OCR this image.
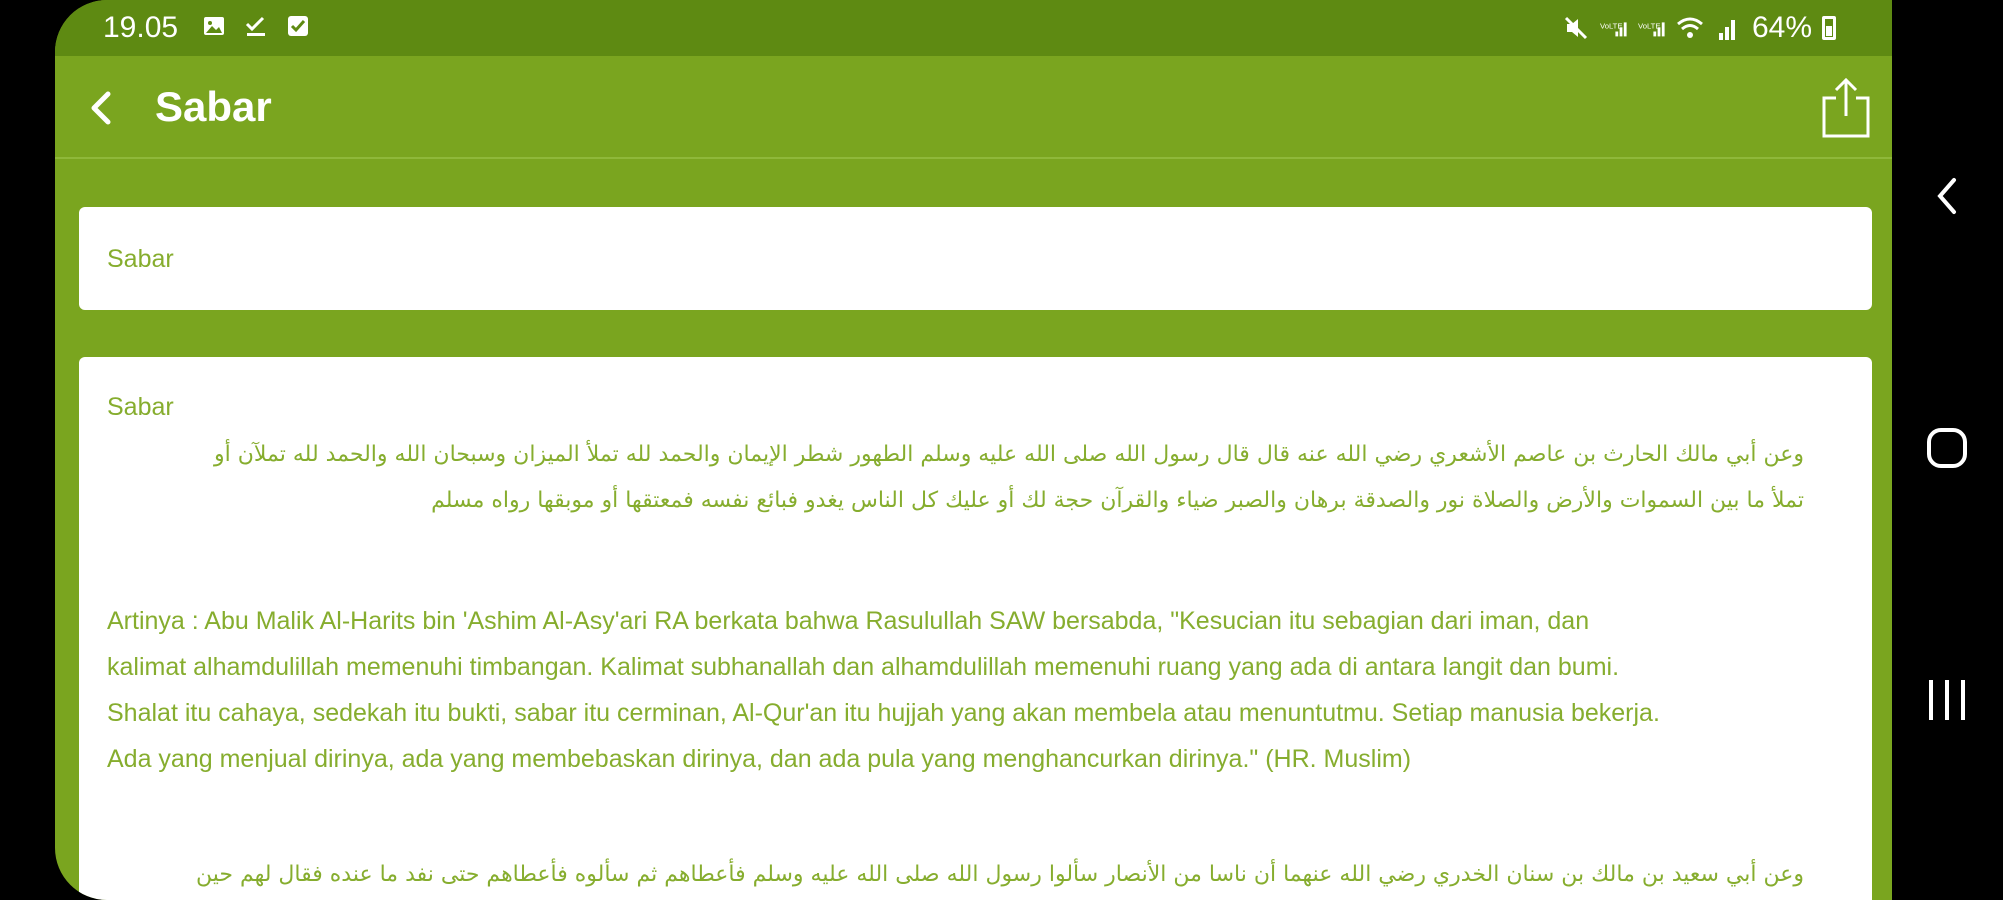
19.05	VoLTE VoLTE	64%
Sabar
Sabar
Sabar
وعن أبي مالك الحارث بن عاصم الأشعري رضي الله عنه قال قال رسول الله صلى الله عليه وسلم الطهور شطر الإيمان والحمد لله تملأ الميزان وسبحان الله والحمد لله تملآن أو
تملأ ما بين السموات والأرض والصلاة نور والصدقة برهان والصبر ضياء والقرآن حجة لك أو عليك كل الناس يغدو فبائع نفسه فمعتقها أو موبقها رواه مسلم
Artinya : Abu Malik Al-Harits bin 'Ashim Al-Asy'ari RA berkata bahwa Rasulullah SAW bersabda, "Kesucian itu sebagian dari iman, dan
kalimat alhamdulillah memenuhi timbangan. Kalimat subhanallah dan alhamdulillah memenuhi ruang yang ada di antara langit dan bumi.
Shalat itu cahaya, sedekah itu bukti, sabar itu cerminan, Al-Qur'an itu hujjah yang akan membela atau menuntutmu. Setiap manusia bekerja.
Ada yang menjual dirinya, ada yang membebaskan dirinya, dan ada pula yang menghancurkan dirinya." (HR. Muslim)
وعن أبي سعيد بن مالك بن سنان الخدري رضي الله عنهما أن ناسا من الأنصار سألوا رسول الله صلى الله عليه وسلم فأعطاهم ثم سألوه فأعطاهم حتى نفد ما عنده فقال لهم حين
